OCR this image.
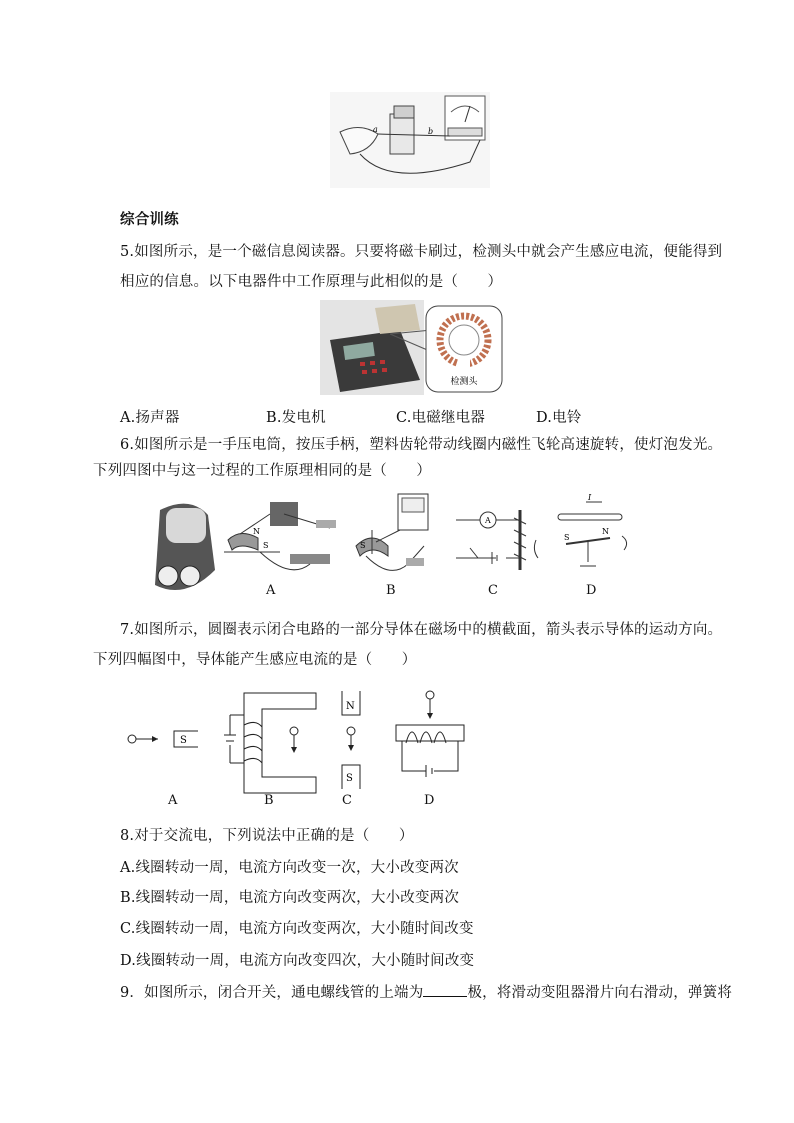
a	b
综合训练
5.如图所示，是一个磁信息阅读器。只要将磁卡刷过，检测头中就会产生感应电流，便能得到
相应的信息。以下电器件中工作原理与此相似的是（　　）
检测头
A.扬声器	B.发电机	C.电磁继电器	D.电铃
6.如图所示是一手压电筒，按压手柄，塑料齿轮带动线圈内磁性飞轮高速旋转，使灯泡发光。
下列四图中与这一过程的工作原理相同的是（　　）
N
S	S
A
I
S
N
A	B	C	D
7.如图所示，圆圈表示闭合电路的一部分导体在磁场中的横截面，箭头表示导体的运动方向。
下列四幅图中，导体能产生感应电流的是（　　）
S
N
S
A	B	C	D
8.对于交流电，下列说法中正确的是（　　）
A.线圈转动一周，电流方向改变一次，大小改变两次
B.线圈转动一周，电流方向改变两次，大小改变两次
C.线圈转动一周，电流方向改变两次，大小随时间改变
D.线圈转动一周，电流方向改变四次，大小随时间改变
9．如图所示，闭合开关，通电螺线管的上端为	极，将滑动变阻器滑片向右滑动，弹簧将
